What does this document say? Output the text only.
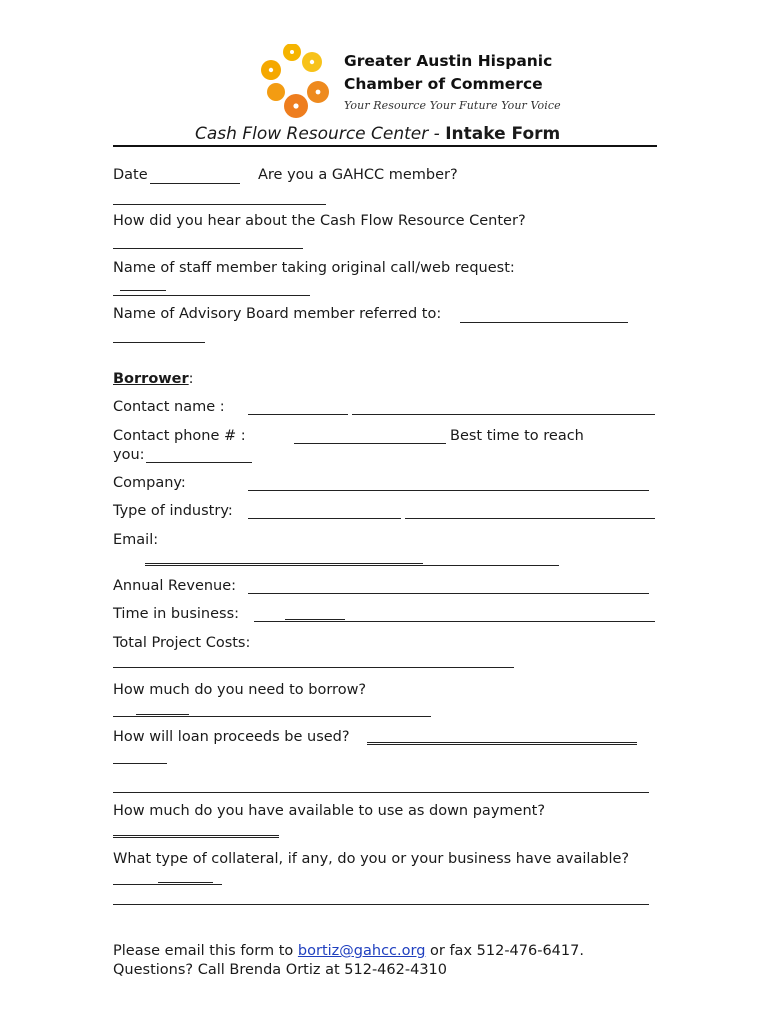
Greater Austin Hispanic
Chamber of Commerce
Your Resource Your Future Your Voice
Cash Flow Resource Center - Intake Form
Date	Are you a GAHCC member?
How did you hear about the Cash Flow Resource Center?
Name of staff member taking original call/web request:
Name of Advisory Board member referred to:
Borrower:
Contact name :
Contact phone # :	Best time to reach
you:
Company:
Type of industry:
Email:
Annual Revenue:
Time in business:
Total Project Costs:
How much do you need to borrow?
How will loan proceeds be used?
How much do you have available to use as down payment?
What type of collateral, if any, do you or your business have available?
Please email this form to bortiz@gahcc.org or fax 512-476-6417.
Questions? Call Brenda Ortiz at 512-462-4310
